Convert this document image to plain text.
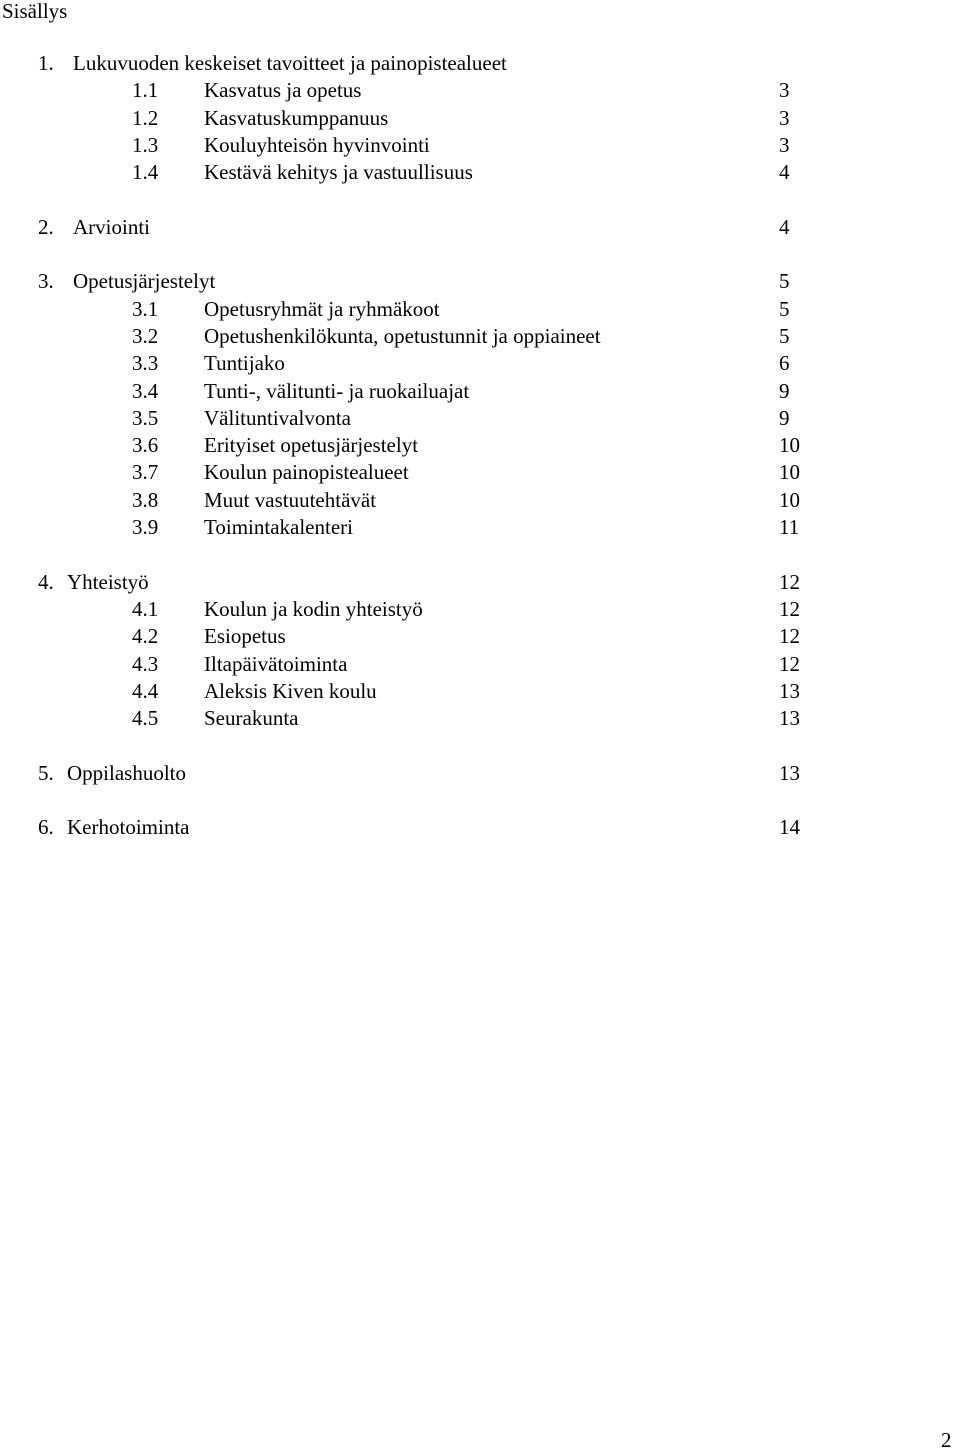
Sisällys
1. Lukuvuoden keskeiset tavoitteet ja painopistealueet
1.1 Kasvatus ja opetus	3
1.2 Kasvatuskumppanuus	3
1.3 Kouluyhteisön hyvinvointi	3
1.4 Kestävä kehitys ja vastuullisuus	4
2. Arviointi	4
3. Opetusjärjestelyt	5
3.1 Opetusryhmät ja ryhmäkoot	5
3.2 Opetushenkilökunta, opetustunnit ja oppiaineet	5
3.3 Tuntijako	6
3.4 Tunti-, välitunti- ja ruokailuajat	9
3.5 Välituntivalvonta	9
3.6 Erityiset opetusjärjestelyt	10
3.7 Koulun painopistealueet	10
3.8 Muut vastuutehtävät	10
3.9 Toimintakalenteri	11
4. Yhteistyö	12
4.1 Koulun ja kodin yhteistyö	12
4.2 Esiopetus	12
4.3 Iltapäivätoiminta	12
4.4 Aleksis Kiven koulu	13
4.5 Seurakunta	13
5. Oppilashuolto	13
6. Kerhotoiminta	14
2
